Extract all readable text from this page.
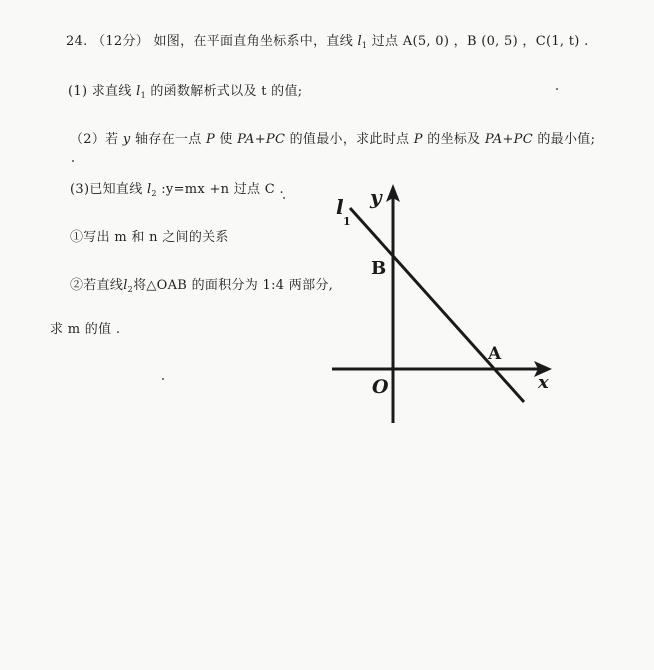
24. （12分） 如图，在平面直角坐标系中，直线 $l_1$ 过点 A(5, 0) ，B (0, 5) ，C(1, t) .
(1) 求直线 $l_1$ 的函数解析式以及 t 的值;
（2）若 y 轴存在一点 P 使 PA+PC 的值最小，求此时点 P 的坐标及 PA+PC 的最小值;
(3)已知直线 $l_2$ :y=mx +n 过点 C .
①写出 m 和 n 之间的关系
②若直线$l_2$将△OAB 的面积分为 1:4 两部分,
求 m 的值 .
l
1
y
B
A
x
O
